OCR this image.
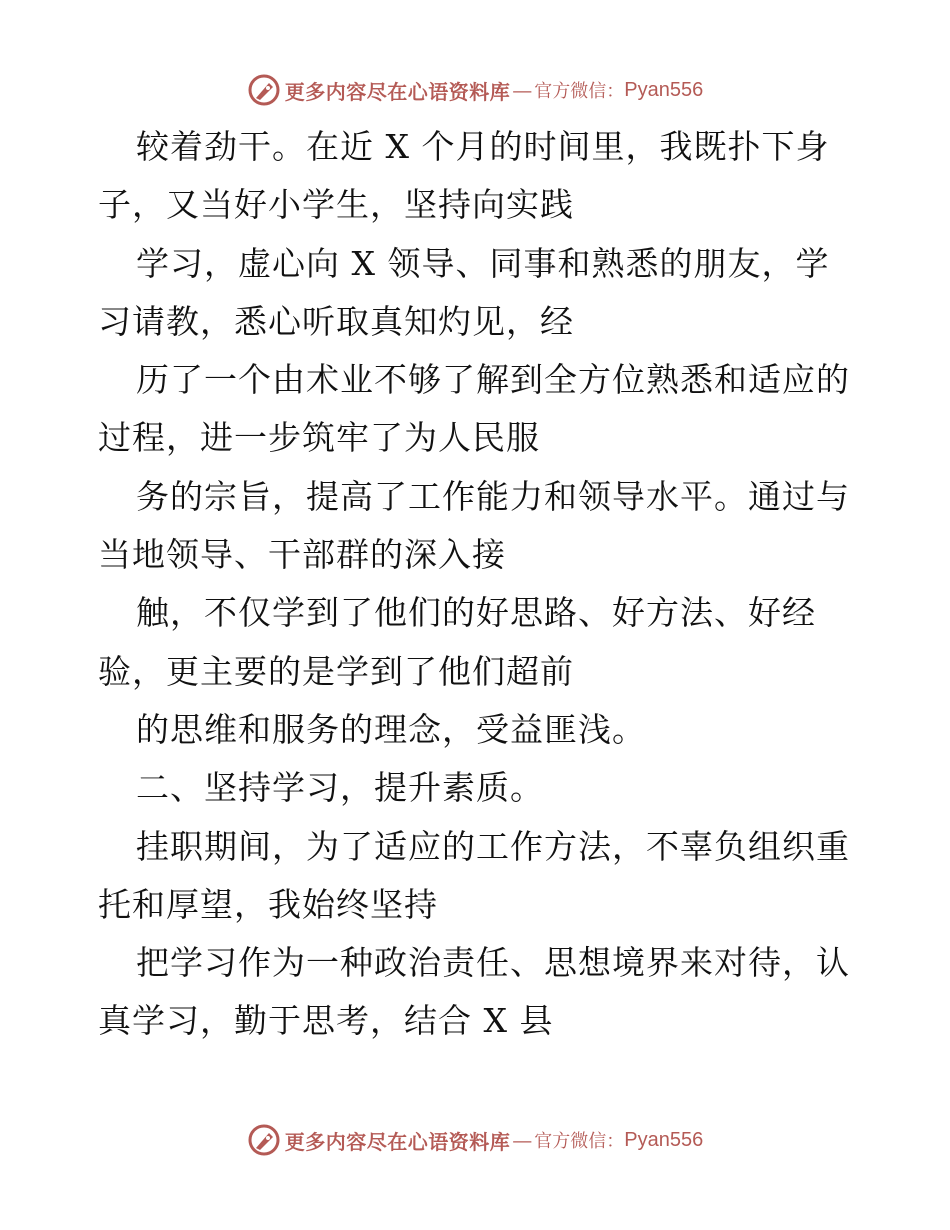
更多内容尽在心语资料库 — 官方微信： Pyan556
较着劲干。在近 X 个月的时间里，我既扑下身
子，又当好小学生，坚持向实践
学习，虚心向 X 领导、同事和熟悉的朋友，学
习请教，悉心听取真知灼见，经
历了一个由术业不够了解到全方位熟悉和适应的
过程，进一步筑牢了为人民服
务的宗旨，提高了工作能力和领导水平。通过与
当地领导、干部群的深入接
触，不仅学到了他们的好思路、好方法、好经
验，更主要的是学到了他们超前
的思维和服务的理念，受益匪浅。
二、坚持学习，提升素质。
挂职期间，为了适应的工作方法，不辜负组织重
托和厚望，我始终坚持
把学习作为一种政治责任、思想境界来对待，认
真学习，勤于思考，结合 X 县
更多内容尽在心语资料库 — 官方微信： Pyan556
